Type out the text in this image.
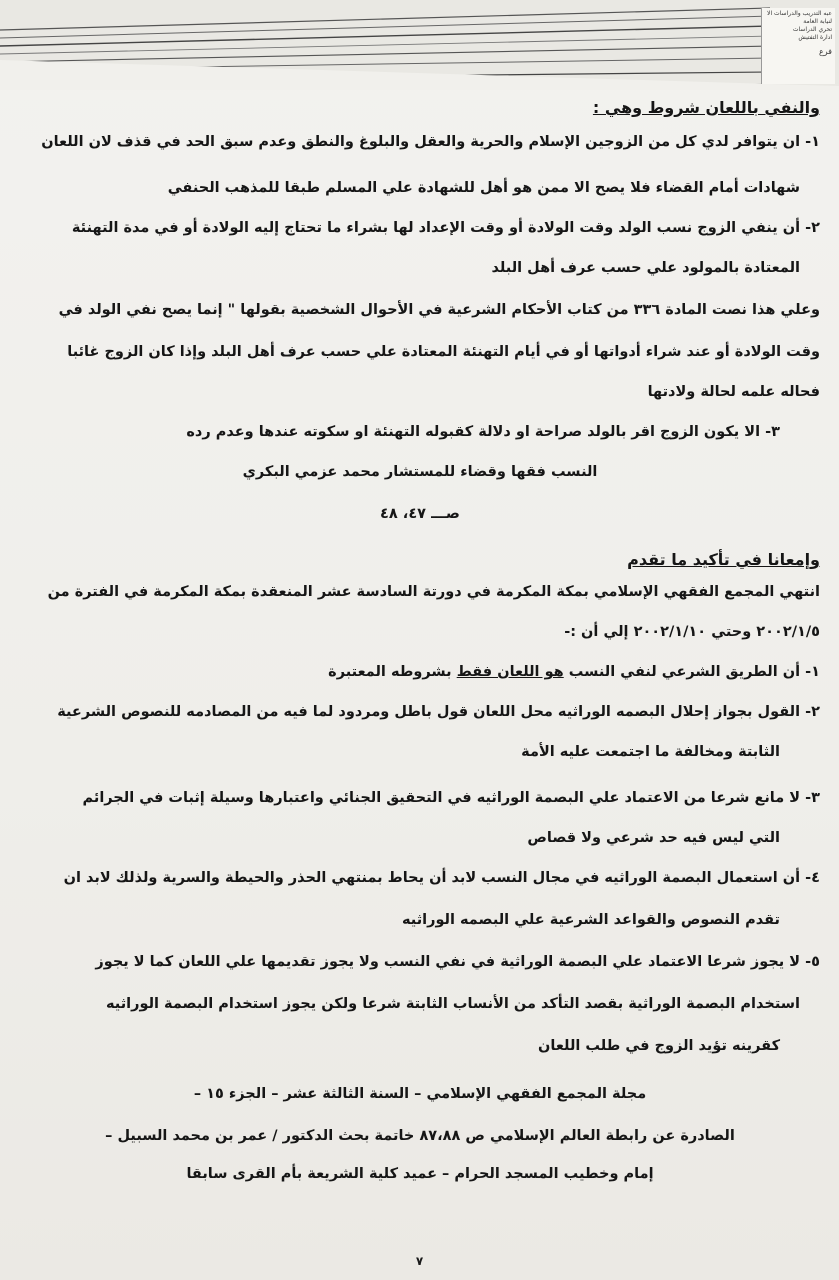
عبه التدريب والدراسات الا
لنيابة العامة
تحري الدراسات
ادارة التفتيش
فرع
والنفي باللعان شروط وهي :
١- ان يتوافر لدي كل من الزوجين الإسلام والحرية والعقل والبلوغ والنطق وعدم سبق الحد في قذف لان اللعان
شهادات أمام القضاء فلا يصح الا ممن هو أهل للشهادة علي المسلم طبقا للمذهب الحنفي
٢- أن ينفي الزوج نسب الولد وقت الولادة أو وقت الإعداد لها بشراء ما تحتاج إليه الولادة أو في مدة التهنئة
المعتادة بالمولود علي حسب عرف أهل البلد
وعلي هذا نصت المادة ٣٣٦ من كتاب الأحكام الشرعية في الأحوال الشخصية بقولها " إنما يصح نفي الولد في
وقت الولادة أو عند شراء أدواتها أو في أيام التهنئة المعتادة علي حسب عرف أهل البلد وإذا كان الزوج غائبا
فحاله علمه لحالة ولادتها
٣- الا يكون الزوج اقر بالولد صراحة او دلالة كقبوله التهنئة او سكوته عندها وعدم رده
النسب فقها وقضاء للمستشار محمد عزمي البكري
صـــ ٤٧، ٤٨
وإمعانا في تأكيد ما تقدم
انتهي المجمع الفقهي الإسلامي بمكة المكرمة في دورتة السادسة عشر المنعقدة بمكة المكرمة في الفترة من
٢٠٠٢/١/٥ وحتي ٢٠٠٢/١/١٠ إلي أن :-
١- أن الطريق الشرعي لنفي النسب هو اللعان فقط بشروطه المعتبرة
٢- القول بجواز إحلال البصمه الوراثيه محل اللعان قول باطل ومردود لما فيه من المصادمه للنصوص الشرعية
الثابتة ومخالفة ما اجتمعت عليه الأمة
٣- لا مانع شرعا من الاعتماد علي البصمة الوراثيه في التحقيق الجنائي واعتبارها وسيلة إثبات في الجرائم
التي ليس فيه حد شرعي ولا قصاص
٤- أن استعمال البصمة الوراثيه في مجال النسب لابد أن يحاط بمنتهي الحذر والحيطة والسرية ولذلك لابد ان
تقدم النصوص والقواعد الشرعية علي البصمه الوراثيه
٥- لا يجوز شرعا الاعتماد علي البصمة الوراثية في نفي النسب ولا يجوز تقديمها علي اللعان كما لا يجوز
استخدام البصمة الوراثية بقصد التأكد من الأنساب الثابتة شرعا ولكن يجوز استخدام البصمة الوراثيه
كقرينه تؤيد الزوج في طلب اللعان
مجلة المجمع الفقهي الإسلامي – السنة الثالثة عشر – الجزء ١٥ –
الصادرة عن رابطة العالم الإسلامي ص ٨٧،٨٨ خاتمة بحث الدكتور / عمر بن محمد السبيل –
إمام وخطيب المسجد الحرام – عميد كلية الشريعة بأم القرى سابقا
٧
